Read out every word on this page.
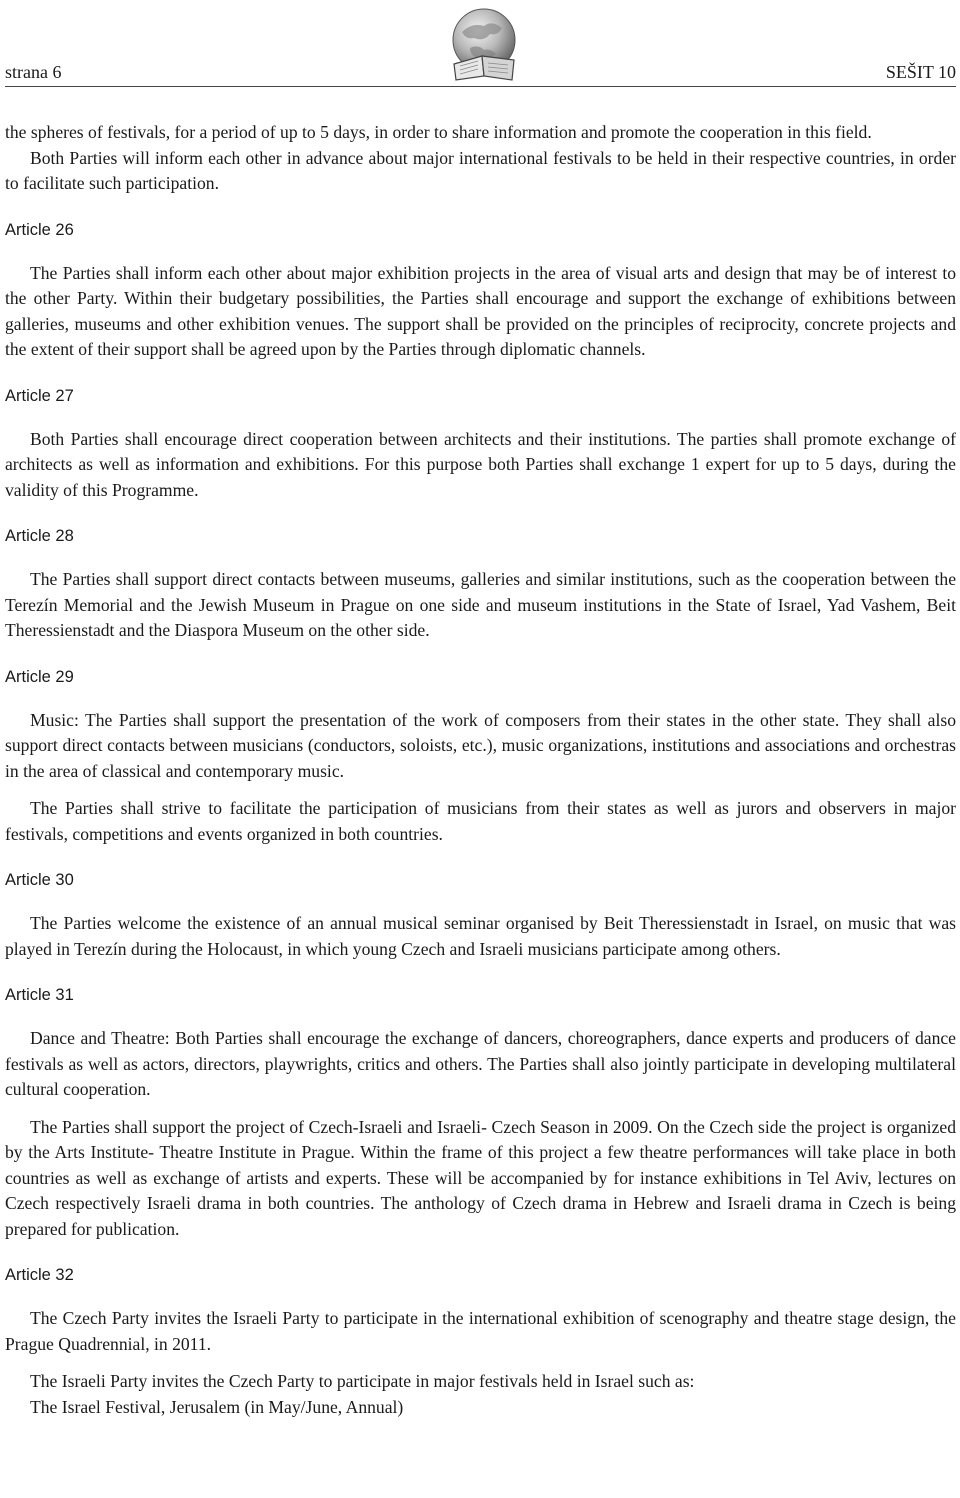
strana 6	SEŠIT 10

the spheres of festivals, for a period of up to 5 days, in order to share information and promote the cooperation in this field.

Both Parties will inform each other in advance about major international festivals to be held in their respective countries, in order to facilitate such participation.

Article 26

The Parties shall inform each other about major exhibition projects in the area of visual arts and design that may be of interest to the other Party. Within their budgetary possibilities, the Parties shall encourage and support the exchange of exhibitions between galleries, museums and other exhibition venues. The support shall be provided on the principles of reciprocity, concrete projects and the extent of their support shall be agreed upon by the Parties through diplomatic channels.

Article 27

Both Parties shall encourage direct cooperation between architects and their institutions. The parties shall promote exchange of architects as well as information and exhibitions. For this purpose both Parties shall exchange 1 expert for up to 5 days, during the validity of this Programme.

Article 28

The Parties shall support direct contacts between museums, galleries and similar institutions, such as the cooperation between the Terezín Memorial and the Jewish Museum in Prague on one side and museum institutions in the State of Israel, Yad Vashem, Beit Theressienstadt and the Diaspora Museum on the other side.

Article 29

Music: The Parties shall support the presentation of the work of composers from their states in the other state. They shall also support direct contacts between musicians (conductors, soloists, etc.), music organizations, institutions and associations and orchestras in the area of classical and contemporary music.

The Parties shall strive to facilitate the participation of musicians from their states as well as jurors and observers in major festivals, competitions and events organized in both countries.

Article 30

The Parties welcome the existence of an annual musical seminar organised by Beit Theressienstadt in Israel, on music that was played in Terezín during the Holocaust, in which young Czech and Israeli musicians participate among others.

Article 31

Dance and Theatre: Both Parties shall encourage the exchange of dancers, choreographers, dance experts and producers of dance festivals as well as actors, directors, playwrights, critics and others. The Parties shall also jointly participate in developing multilateral cultural cooperation.

The Parties shall support the project of Czech-Israeli and Israeli- Czech Season in 2009. On the Czech side the project is organized by the Arts Institute- Theatre Institute in Prague. Within the frame of this project a few theatre performances will take place in both countries as well as exchange of artists and experts. These will be accompanied by for instance exhibitions in Tel Aviv, lectures on Czech respectively Israeli drama in both countries. The anthology of Czech drama in Hebrew and Israeli drama in Czech is being prepared for publication.

Article 32

The Czech Party invites the Israeli Party to participate in the international exhibition of scenography and theatre stage design, the Prague Quadrennial, in 2011.

The Israeli Party invites the Czech Party to participate in major festivals held in Israel such as:

The Israel Festival, Jerusalem (in May/June, Annual)
